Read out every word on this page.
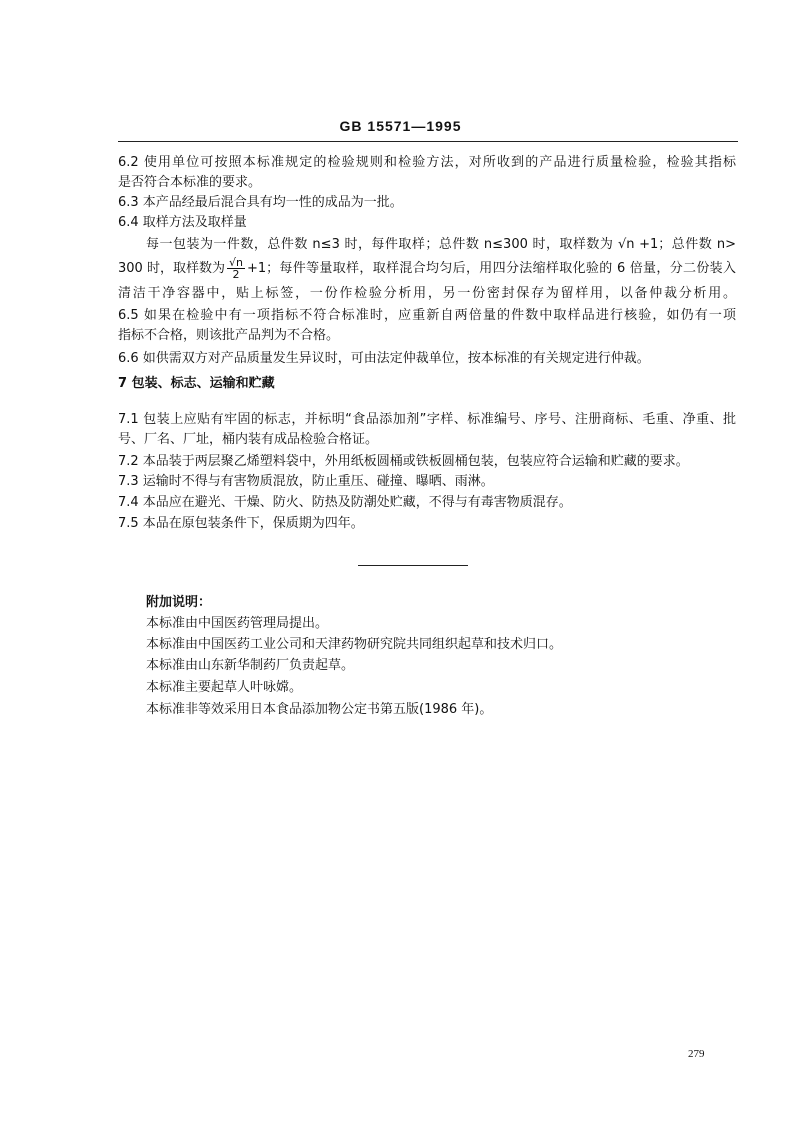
GB 15571—1995
6.2 使用单位可按照本标准规定的检验规则和检验方法，对所收到的产品进行质量检验，检验其指标
是否符合本标准的要求。
6.3 本产品经最后混合具有均一性的成品为一批。
6.4 取样方法及取样量
每一包装为一件数，总件数 n≤3 时，每件取样；总件数 n≤300 时，取样数为 √n +1；总件数 n>
300 时，取样数为 $\frac{√n}{2} +1$；每件等量取样，取样混合均匀后，用四分法缩样取化验的 6 倍量，分二份装入
清洁干净容器中，贴上标签，一份作检验分析用，另一份密封保存为留样用，以备仲裁分析用。
6.5 如果在检验中有一项指标不符合标准时，应重新自两倍量的件数中取样品进行核验，如仍有一项
指标不合格，则该批产品判为不合格。
6.6 如供需双方对产品质量发生异议时，可由法定仲裁单位，按本标准的有关规定进行仲裁。
7 包装、标志、运输和贮藏
7.1 包装上应贴有牢固的标志，并标明“食品添加剂”字样、标准编号、序号、注册商标、毛重、净重、批
号、厂名、厂址，桶内装有成品检验合格证。
7.2 本品装于两层聚乙烯塑料袋中，外用纸板圆桶或铁板圆桶包装，包装应符合运输和贮藏的要求。
7.3 运输时不得与有害物质混放，防止重压、碰撞、曝晒、雨淋。
7.4 本品应在避光、干燥、防火、防热及防潮处贮藏，不得与有毒害物质混存。
7.5 本品在原包装条件下，保质期为四年。
附加说明：
本标准由中国医药管理局提出。
本标准由中国医药工业公司和天津药物研究院共同组织起草和技术归口。
本标准由山东新华制药厂负责起草。
本标准主要起草人叶咏嫦。
本标准非等效采用日本食品添加物公定书第五版(1986 年)。
279
